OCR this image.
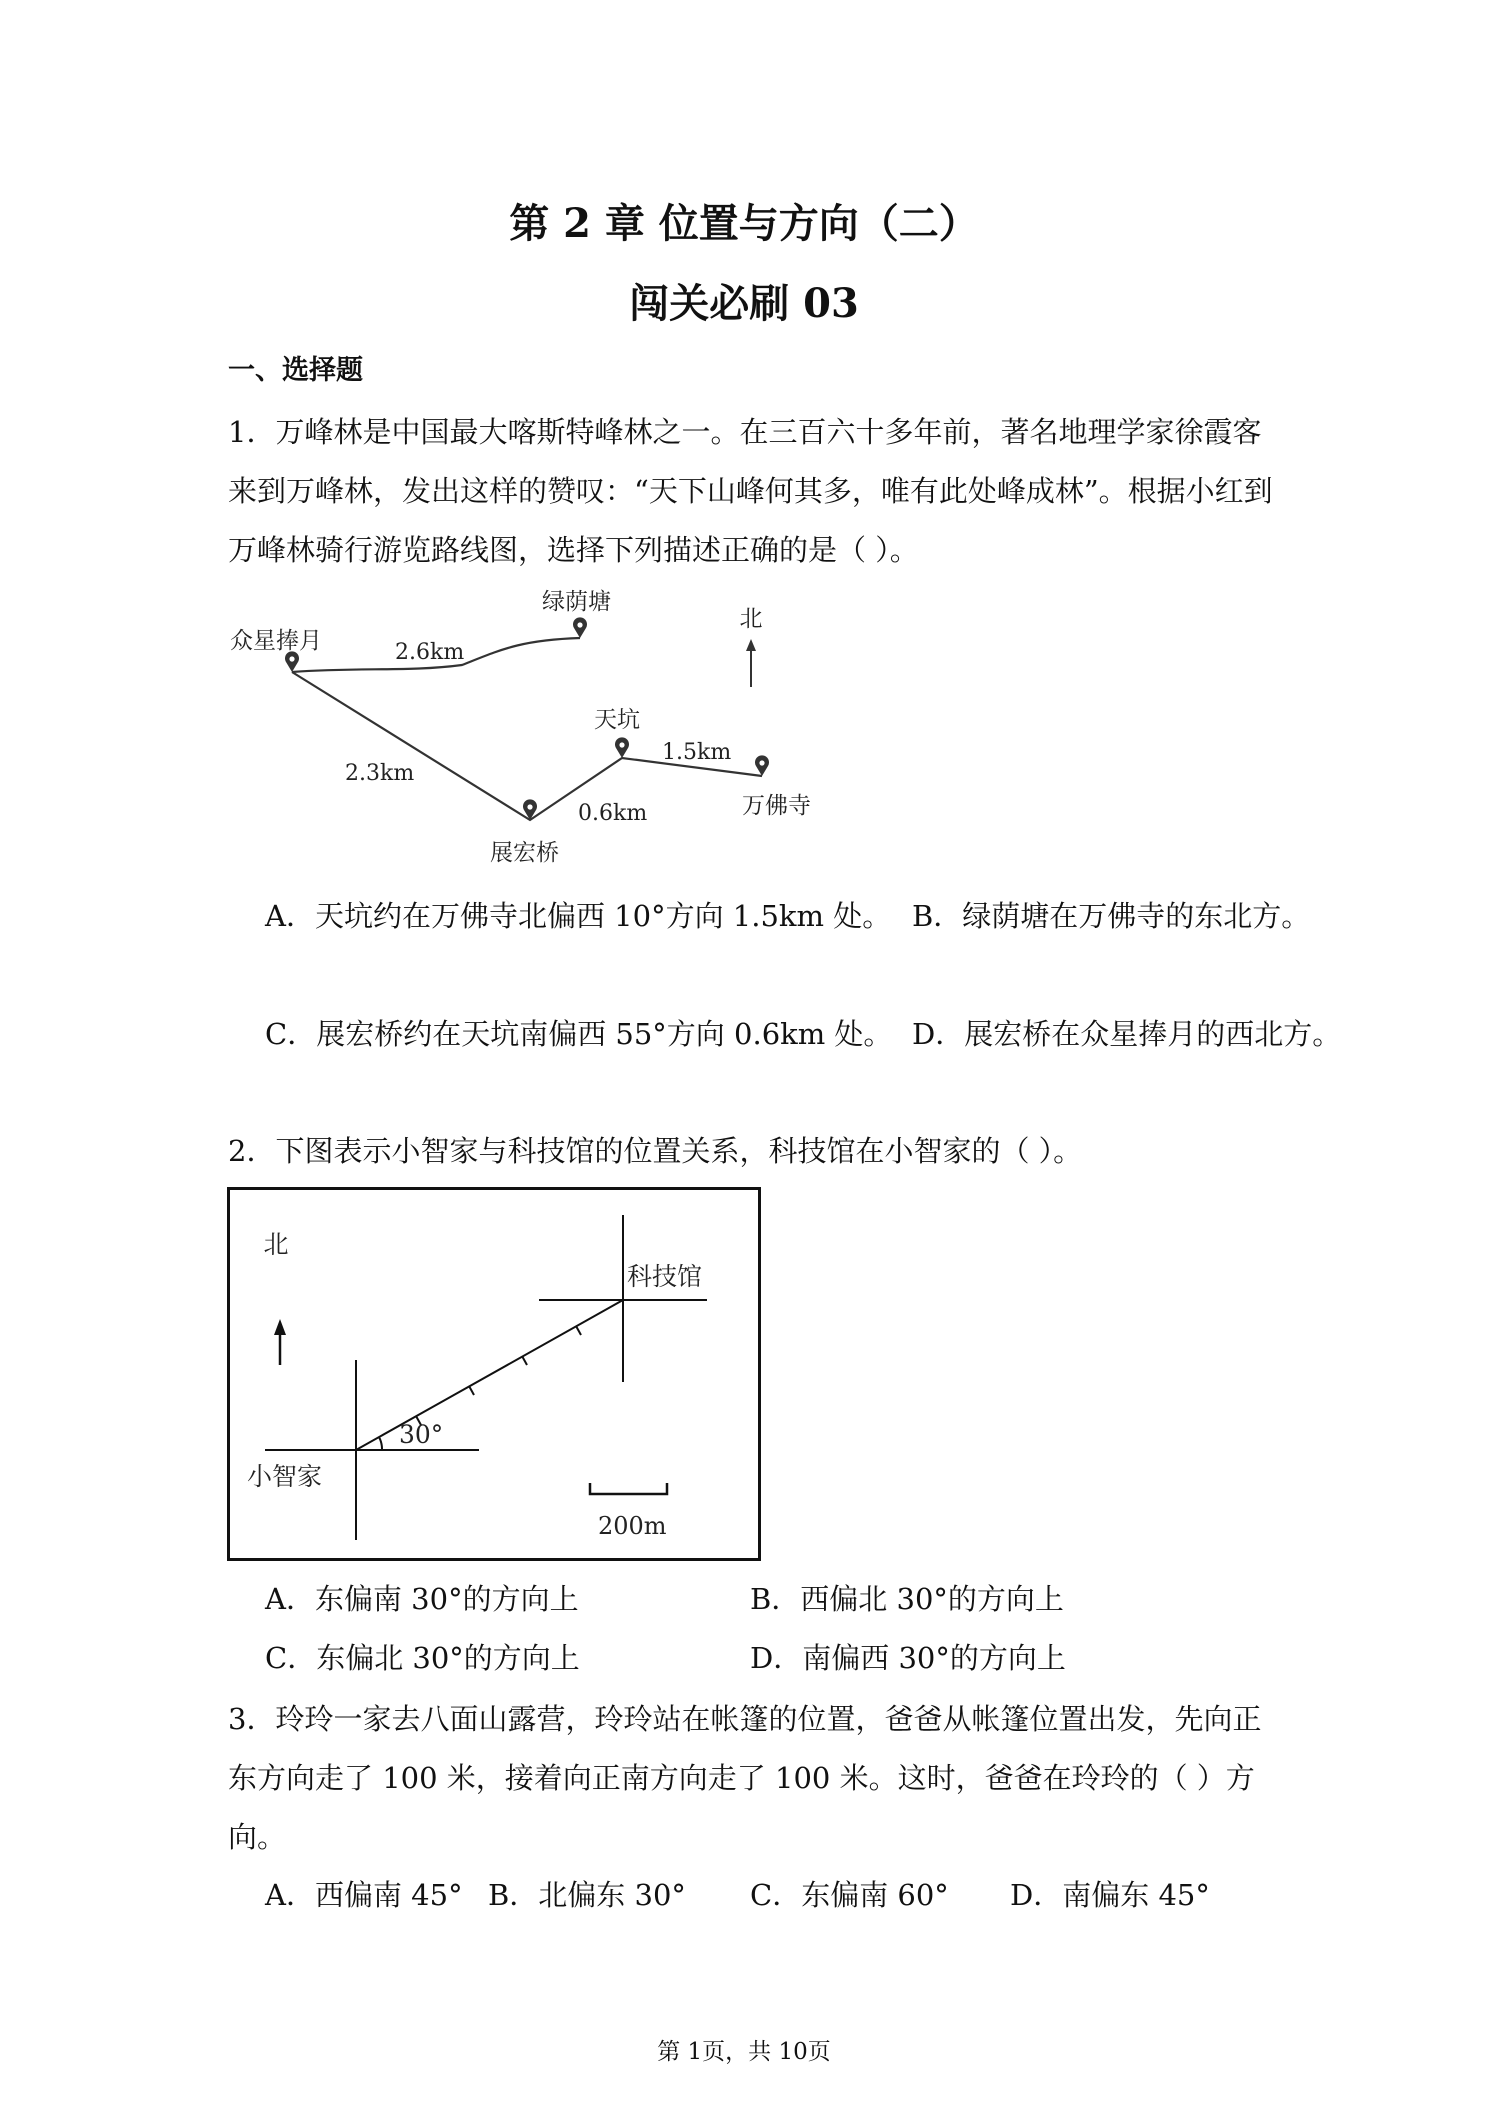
第 2 章 位置与方向（二）
闯关必刷 03
一、选择题
1．万峰林是中国最大喀斯特峰林之一。在三百六十多年前，著名地理学家徐霞客来到万峰林，发出这样的赞叹：“天下山峰何其多，唯有此处峰成林”。根据小红到万峰林骑行游览路线图，选择下列描述正确的是（ ）。
北
众星捧月
绿荫塘
天坑
万佛寺
展宏桥
2.6km
2.3km
0.6km
1.5km
A．天坑约在万佛寺北偏西 10°方向 1.5km 处。 B．绿荫塘在万佛寺的东北方。
C．展宏桥约在天坑南偏西 55°方向 0.6km 处。 D．展宏桥在众星捧月的西北方。
2．下图表示小智家与科技馆的位置关系，科技馆在小智家的（ ）。
北
30°
小智家
科技馆
200m
A．东偏南 30°的方向上	B．西偏北 30°的方向上
C．东偏北 30°的方向上	D．南偏西 30°的方向上
3．玲玲一家去八面山露营，玲玲站在帐篷的位置，爸爸从帐篷位置出发，先向正东方向走了 100 米，接着向正南方向走了 100 米。这时，爸爸在玲玲的（ ）方向。
A．西偏南 45° B．北偏东 30° C．东偏南 60° D．南偏东 45°
第 1页，共 10页
